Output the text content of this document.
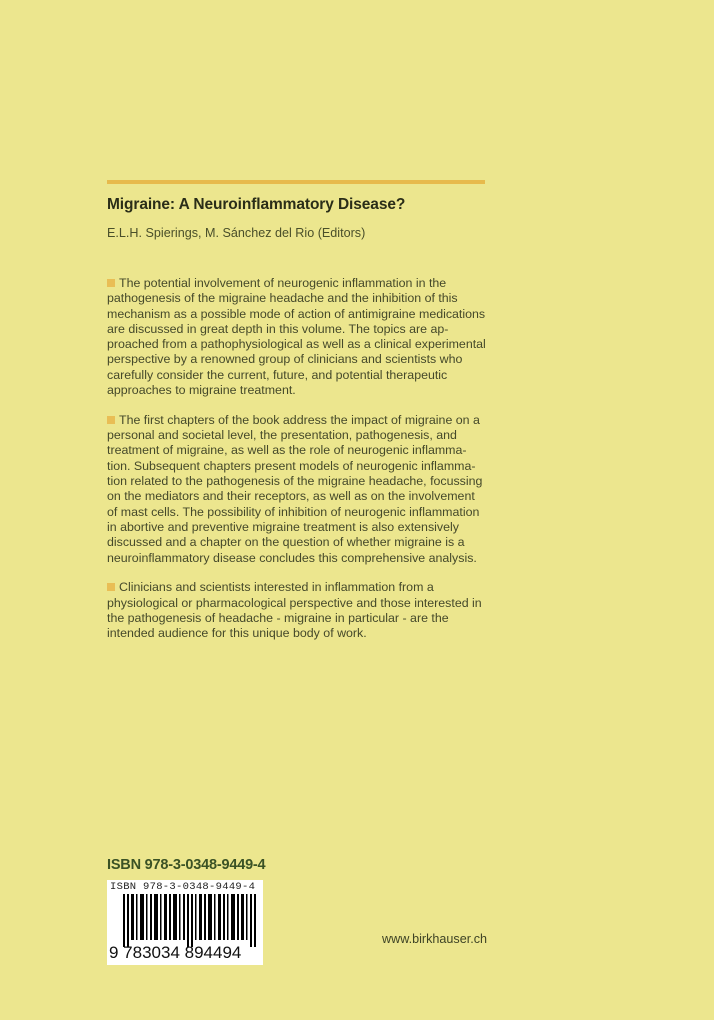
Migraine: A Neuroinflammatory Disease?
E.L.H. Spierings, M. Sánchez del Rio (Editors)
The potential involvement of neurogenic inflammation in the
pathogenesis of the migraine headache and the inhibition of this
mechanism as a possible mode of action of antimigraine medications
are discussed in great depth in this volume. The topics are ap-
proached from a pathophysiological as well as a clinical experimental
perspective by a renowned group of clinicians and scientists who
carefully consider the current, future, and potential therapeutic
approaches to migraine treatment.
The first chapters of the book address the impact of migraine on a
personal and societal level, the presentation, pathogenesis, and
treatment of migraine, as well as the role of neurogenic inflamma-
tion. Subsequent chapters present models of neurogenic inflamma-
tion related to the pathogenesis of the migraine headache, focussing
on the mediators and their receptors, as well as on the involvement
of mast cells. The possibility of inhibition of neurogenic inflammation
in abortive and preventive migraine treatment is also extensively
discussed and a chapter on the question of whether migraine is a
neuroinflammatory disease concludes this comprehensive analysis.
Clinicians and scientists interested in inflammation from a
physiological or pharmacological perspective and those interested in
the pathogenesis of headache - migraine in particular - are the
intended audience for this unique body of work.
ISBN 978-3-0348-9449-4
ISBN 978-3-0348-9449-4
9 783034 894494
www.birkhauser.ch
